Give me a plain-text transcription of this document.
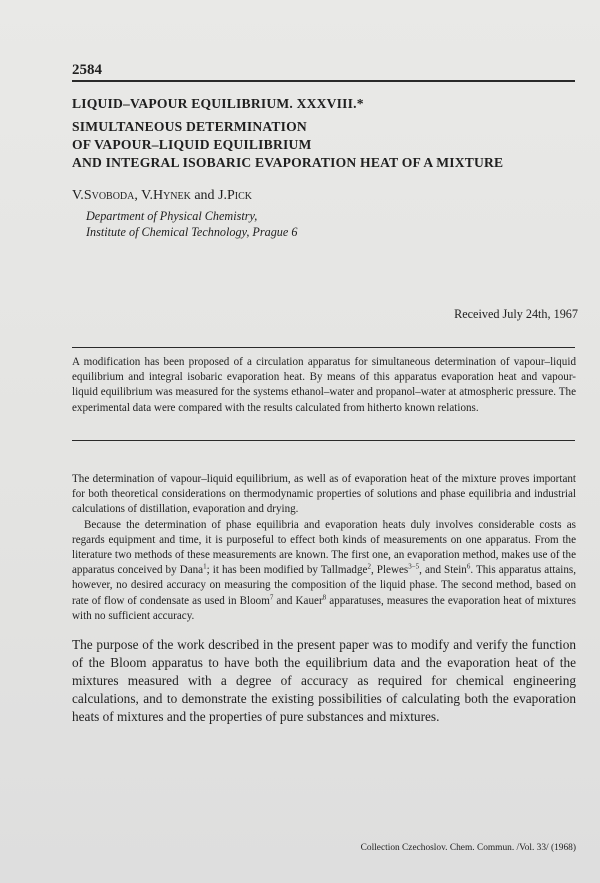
2584
LIQUID–VAPOUR EQUILIBRIUM. XXXVIII.*
SIMULTANEOUS DETERMINATION
OF VAPOUR–LIQUID EQUILIBRIUM
AND INTEGRAL ISOBARIC EVAPORATION HEAT OF A MIXTURE
V.Svoboda, V.Hynek and J.Pick
Department of Physical Chemistry,
Institute of Chemical Technology, Prague 6
Received July 24th, 1967
A modification has been proposed of a circulation apparatus for simultaneous determination of vapour–liquid equilibrium and integral isobaric evaporation heat. By means of this apparatus evaporation heat and vapour-liquid equilibrium was measured for the systems ethanol–water and propanol–water at atmospheric pressure. The experimental data were compared with the results calculated from hitherto known relations.

The determination of vapour–liquid equilibrium, as well as of evaporation heat of the mixture proves important for both theoretical considerations on thermodynamic properties of solutions and phase equilibria and industrial calculations of distillation, evaporation and drying.

Because the determination of phase equilibria and evaporation heats duly involves considerable costs as regards equipment and time, it is purposeful to effect both kinds of measurements on one apparatus. From the literature two methods of these measurements are known. The first one, an evaporation method, makes use of the apparatus conceived by Dana$^1$; it has been modified by Tallmadge$^2$, Plewes$^{3-5}$, and Stein$^6$. This apparatus attains, however, no desired accuracy on measuring the composition of the liquid phase. The second method, based on rate of flow of condensate as used in Bloom$^7$ and Kauer$^8$ apparatuses, measures the evaporation heat of mixtures with no sufficient accuracy.

The purpose of the work described in the present paper was to modify and verify the function of the Bloom apparatus to have both the equilibrium data and the evaporation heat of the mixtures measured with a degree of accuracy as required for chemical engineering calculations, and to demonstrate the existing possibilities of calculating both the evaporation heats of mixtures and the properties of pure substances and mixtures.
Collection Czechoslov. Chem. Commun. /Vol. 33/ (1968)
